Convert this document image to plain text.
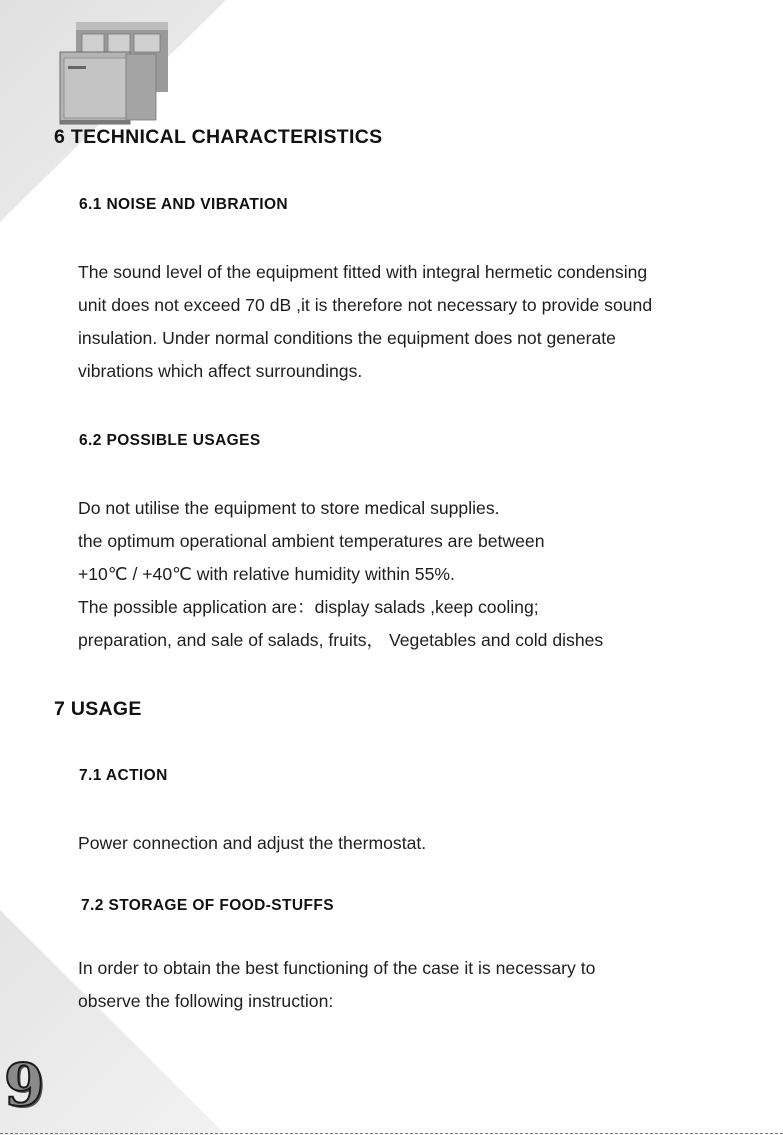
6 TECHNICAL CHARACTERISTICS
6.1 NOISE AND VIBRATION
The sound level of the equipment fitted with integral hermetic condensing
unit does not exceed 70 dB ,it is therefore not necessary to provide sound
insulation. Under normal conditions the equipment does not generate
vibrations which affect surroundings.
6.2 POSSIBLE USAGES
Do not utilise the equipment to store medical supplies.
the optimum operational ambient temperatures are between
+10℃ / +40℃ with relative humidity within 55%.
The possible application are：display salads ,keep cooling;
preparation, and sale of salads, fruits， Vegetables and cold dishes
7 USAGE
7.1 ACTION
Power connection and adjust the thermostat.
7.2 STORAGE OF FOOD-STUFFS
In order to obtain the best functioning of the case it is necessary to
observe the following instruction:
9
